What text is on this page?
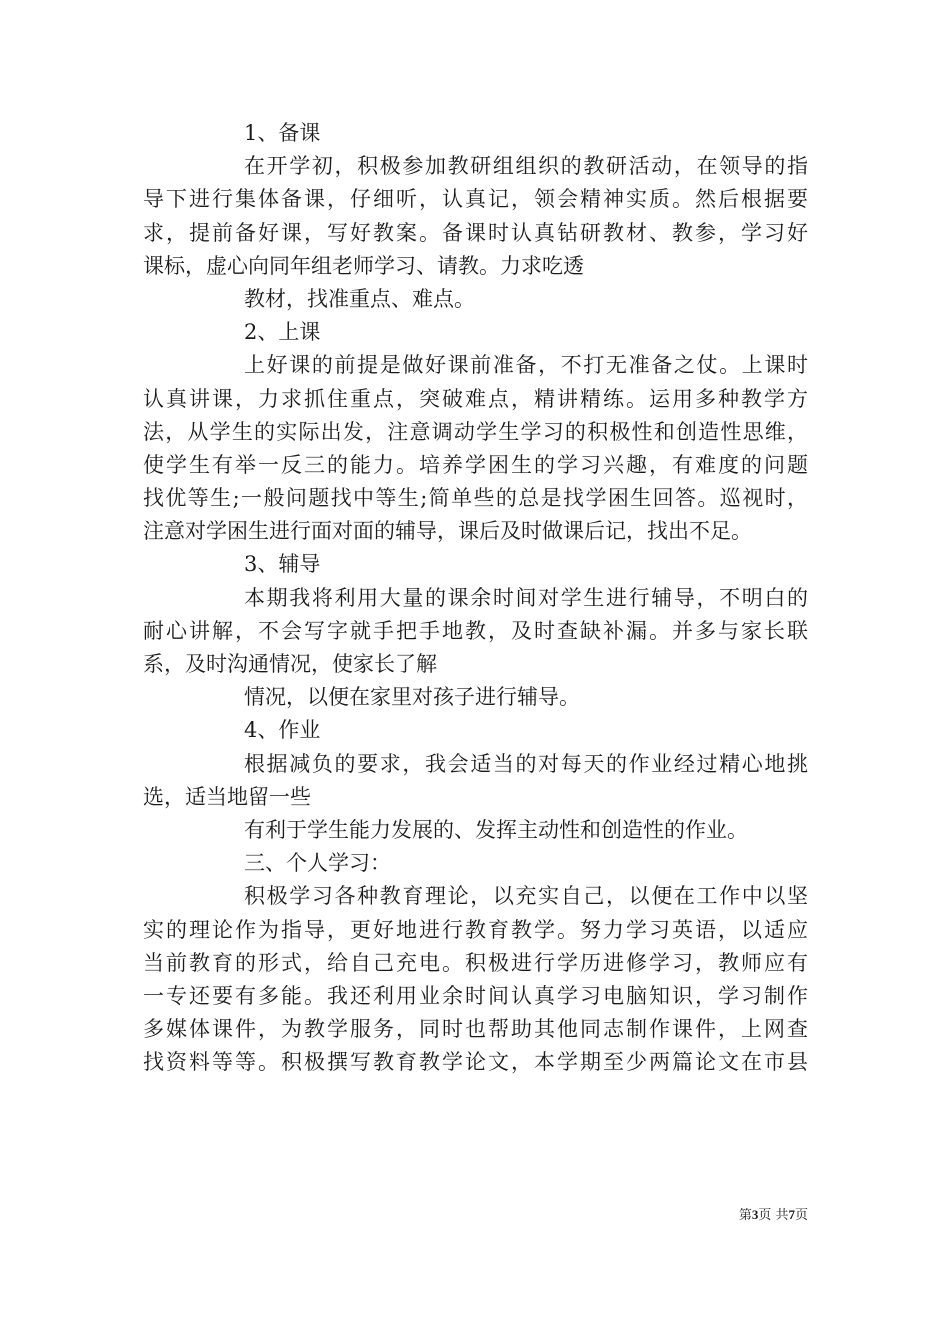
1、备课
在开学初，积极参加教研组组织的教研活动，在领导的指
导下进行集体备课，仔细听，认真记，领会精神实质。然后根据要
求，提前备好课，写好教案。备课时认真钻研教材、教参，学习好
课标，虚心向同年组老师学习、请教。力求吃透
教材，找准重点、难点。
2、上课
上好课的前提是做好课前准备，不打无准备之仗。上课时
认真讲课，力求抓住重点，突破难点，精讲精练。运用多种教学方
法，从学生的实际出发，注意调动学生学习的积极性和创造性思维，
使学生有举一反三的能力。培养学困生的学习兴趣，有难度的问题
找优等生;一般问题找中等生;简单些的总是找学困生回答。巡视时，
注意对学困生进行面对面的辅导，课后及时做课后记，找出不足。
3、辅导
本期我将利用大量的课余时间对学生进行辅导，不明白的
耐心讲解，不会写字就手把手地教，及时查缺补漏。并多与家长联
系，及时沟通情况，使家长了解
情况，以便在家里对孩子进行辅导。
4、作业
根据减负的要求，我会适当的对每天的作业经过精心地挑
选，适当地留一些
有利于学生能力发展的、发挥主动性和创造性的作业。
三、个人学习：
积极学习各种教育理论，以充实自己，以便在工作中以坚
实的理论作为指导，更好地进行教育教学。努力学习英语，以适应
当前教育的形式，给自己充电。积极进行学历进修学习，教师应有
一专还要有多能。我还利用业余时间认真学习电脑知识，学习制作
多媒体课件，为教学服务，同时也帮助其他同志制作课件，上网查
找资料等等。积极撰写教育教学论文，本学期至少两篇论文在市县
第3页 共7页
